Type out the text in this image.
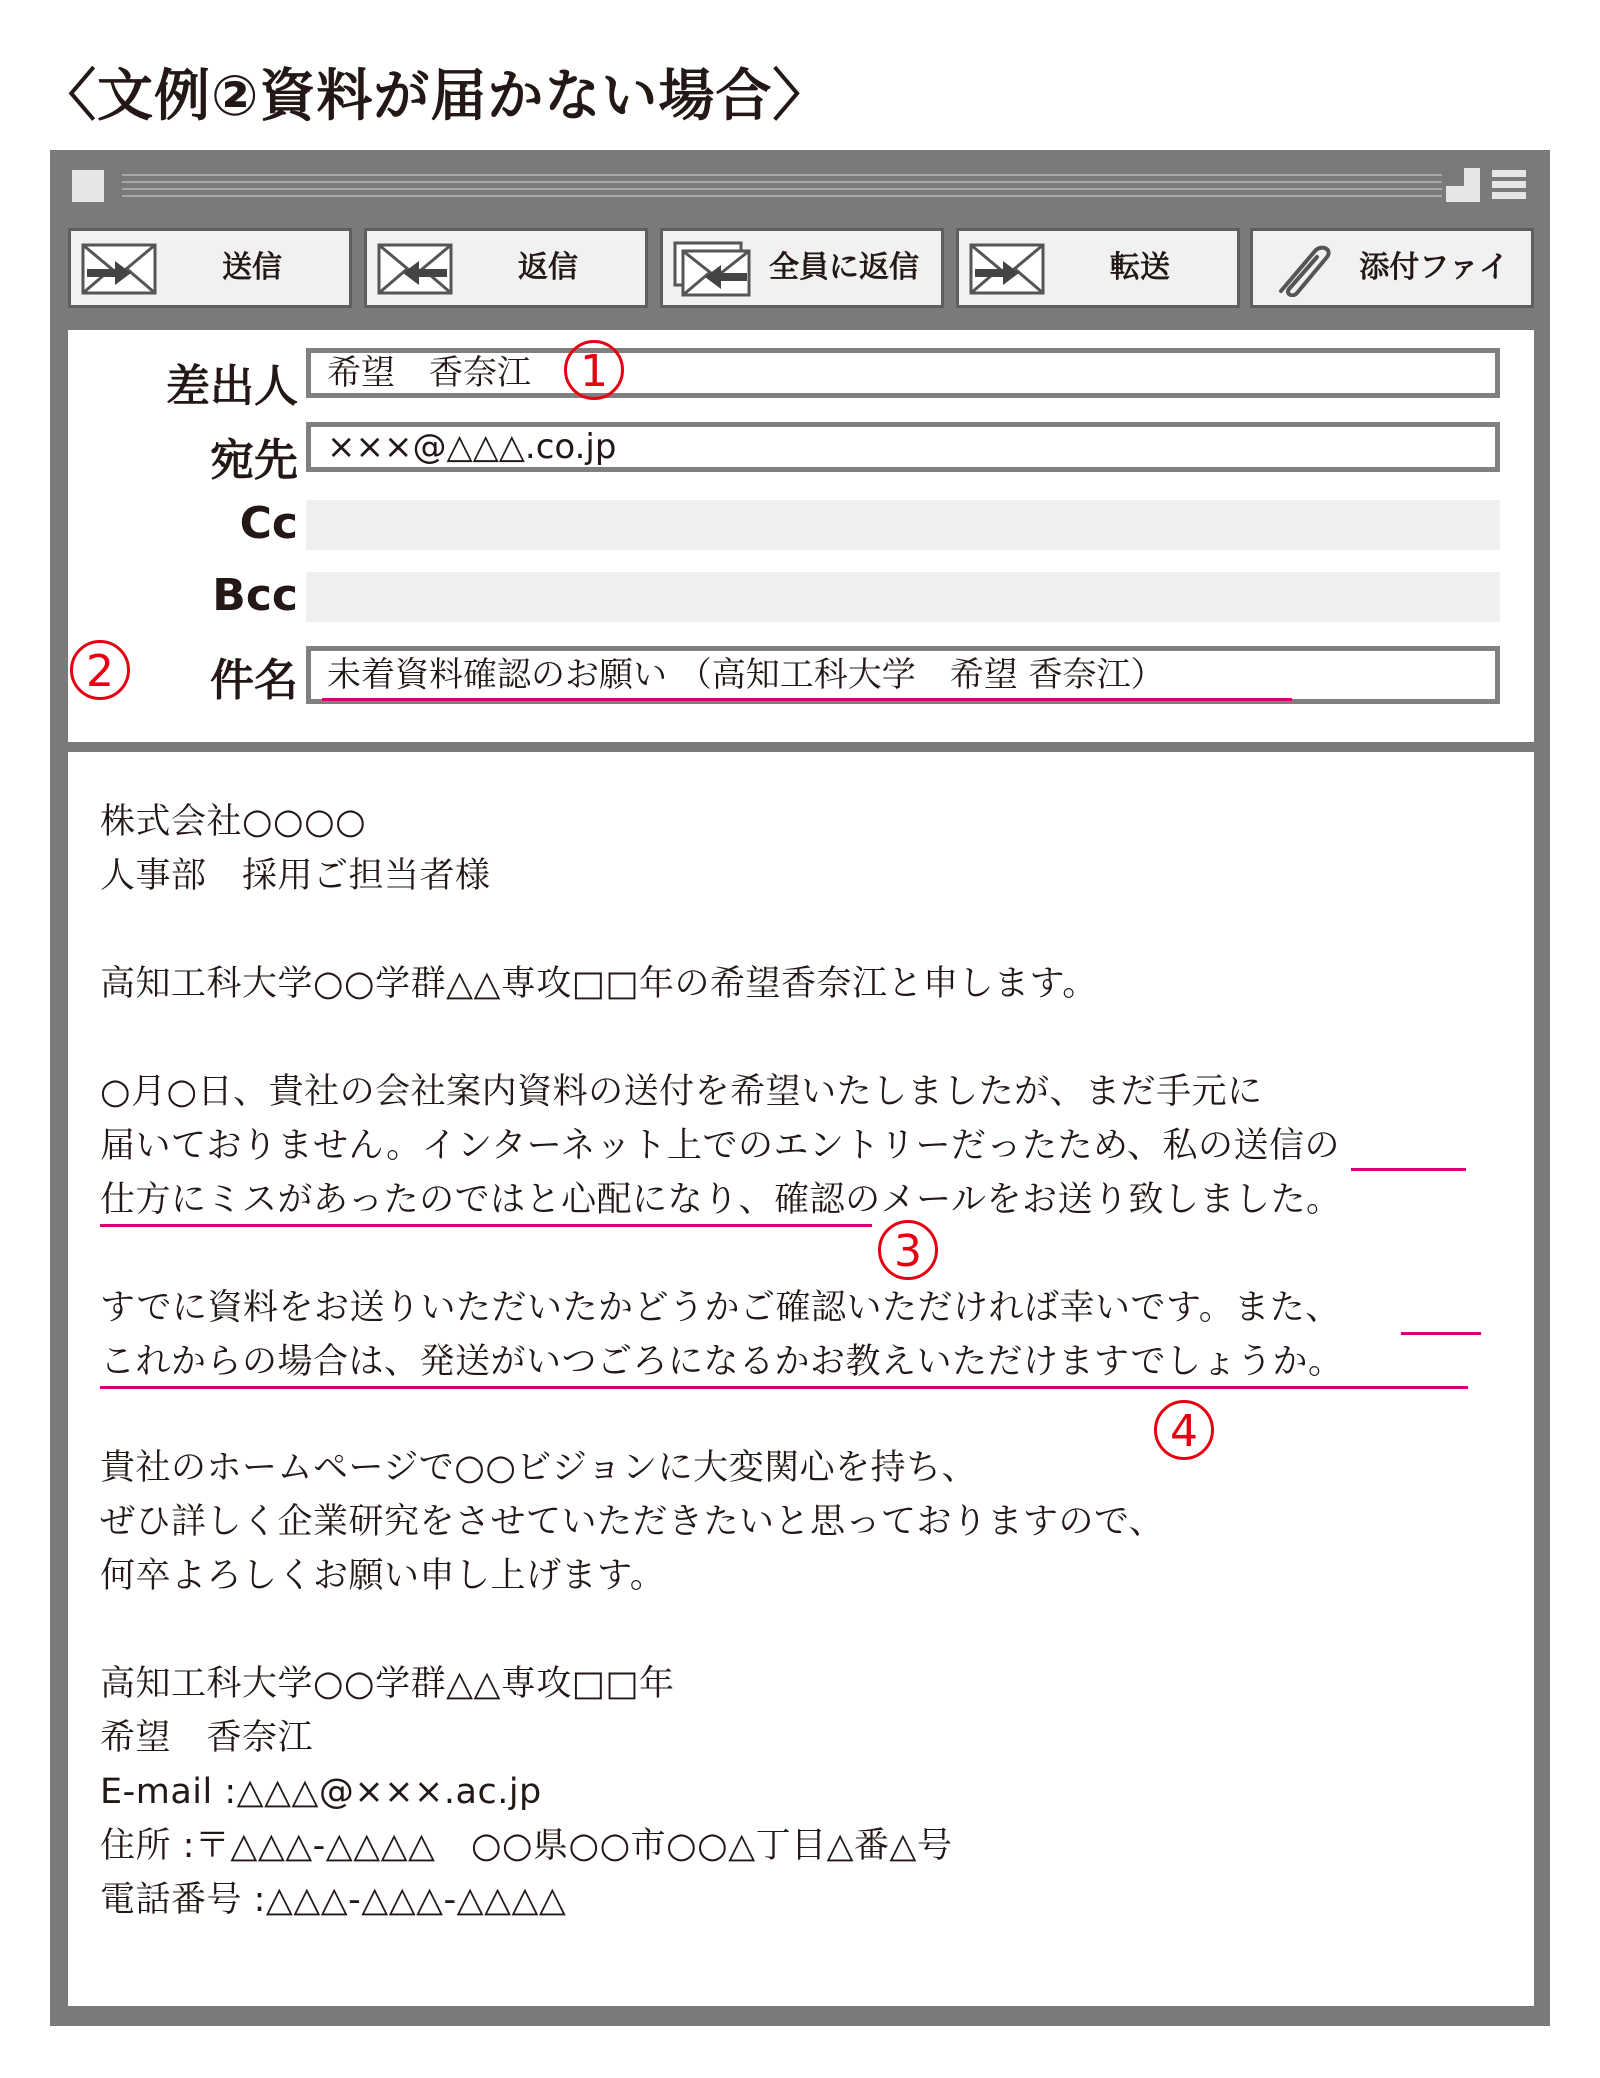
〈文例②資料が届かない場合〉
送信	返信	全員に返信	転送	添付ファイ
差出人 希望　香奈江	1
宛先 ×××@△△△.co.jp
Cc
Bcc
2	件名 未着資料確認のお願い （高知工科大学　希望 香奈江）
株式会社○○○○
人事部　採用ご担当者様
高知工科大学○○学群△△専攻□□年の希望香奈江と申します。
○月○日、貴社の会社案内資料の送付を希望いたしましたが、まだ手元に
届いておりません。インターネット上でのエントリーだったため、私の送信の
仕方にミスがあったのではと心配になり、確認のメールをお送り致しました。
3
すでに資料をお送りいただいたかどうかご確認いただければ幸いです。また、
これからの場合は、発送がいつごろになるかお教えいただけますでしょうか。
4
貴社のホームページで○○ビジョンに大変関心を持ち、
ぜひ詳しく企業研究をさせていただきたいと思っておりますので、
何卒よろしくお願い申し上げます。
高知工科大学○○学群△△専攻□□年
希望　香奈江
E-mail :△△△@×××.ac.jp
住所 :〒△△△-△△△△　○○県○○市○○△丁目△番△号
電話番号 :△△△-△△△-△△△△
